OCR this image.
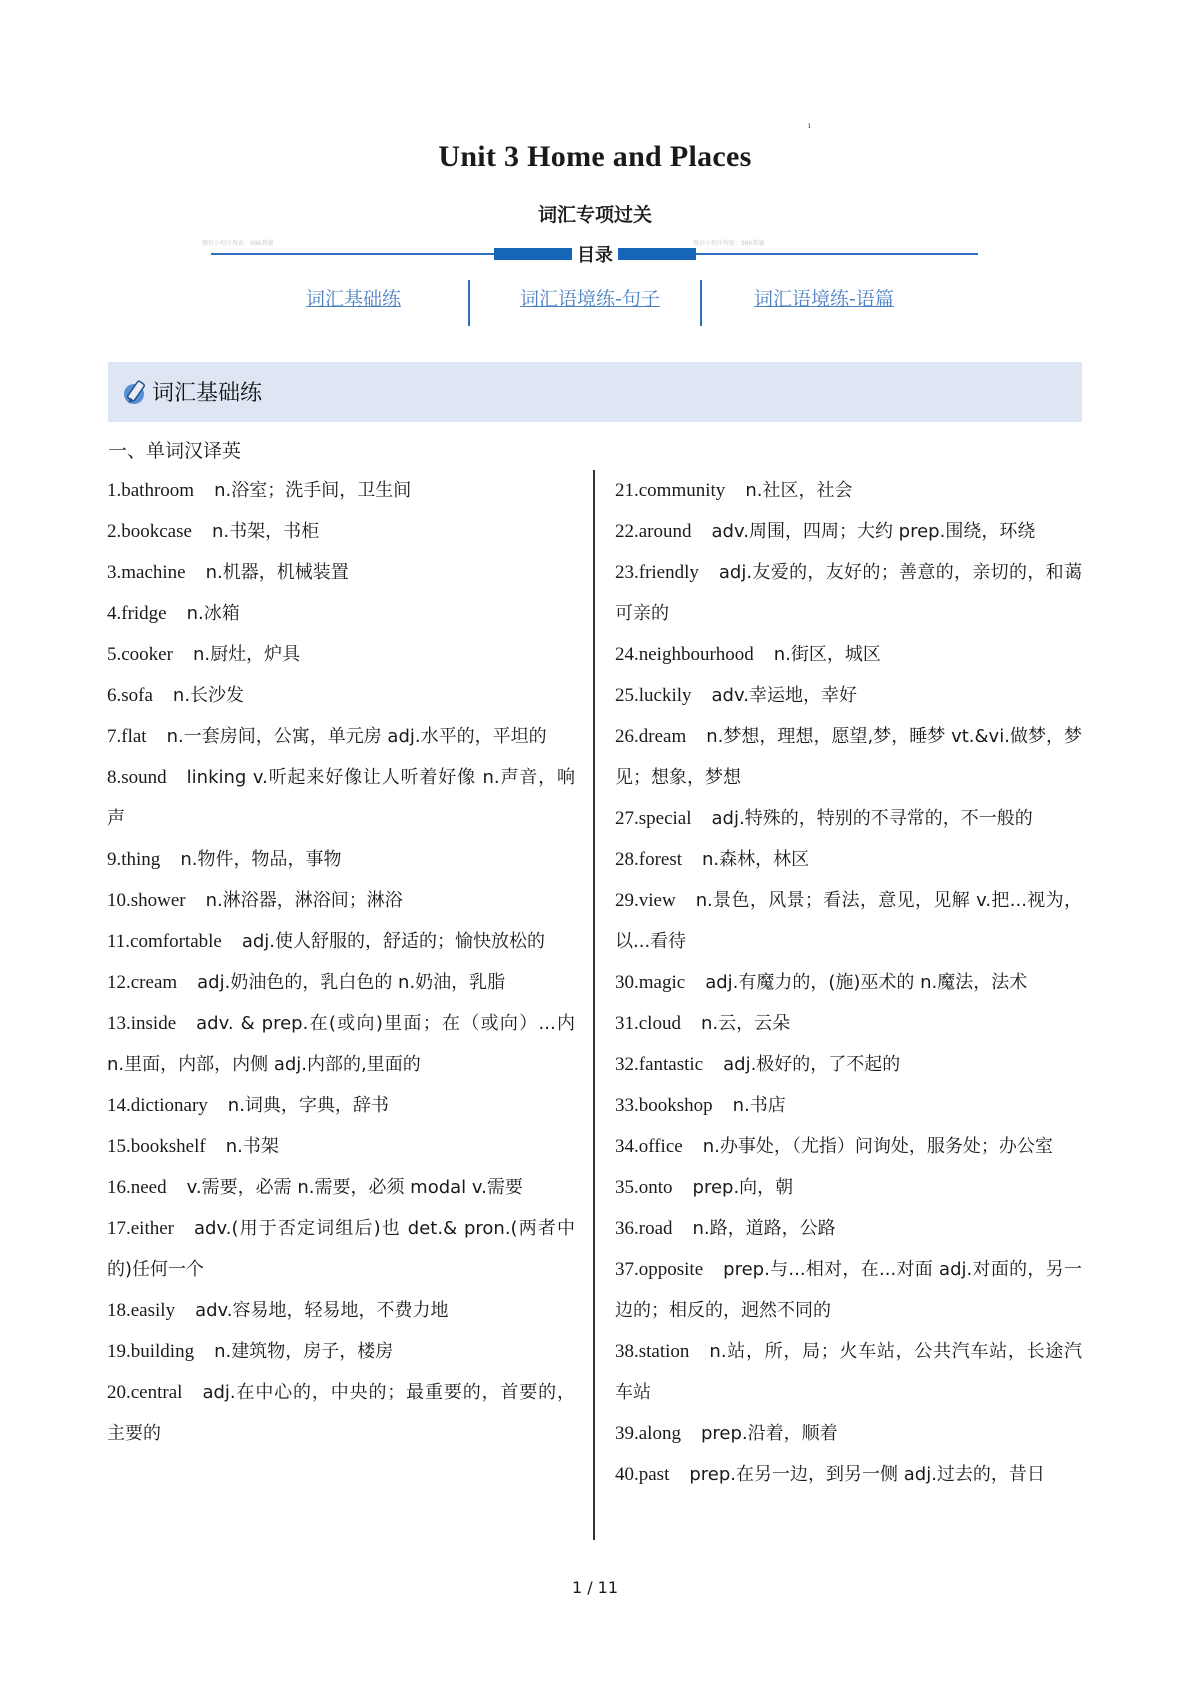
ı
Unit 3 Home and Places
词汇专项过关
目录
微信小程序搜索：98K教辅	微信小程序搜索：98K教辅
词汇基础练	词汇语境练-句子	词汇语境练-语篇
词汇基础练
一、单词汉译英
1.bathroom n.浴室；洗手间，卫生间
2.bookcase n.书架，书柜
3.machine n.机器，机械装置
4.fridge n.冰箱
5.cooker n.厨灶，炉具
6.sofa n.长沙发
7.flat n.一套房间，公寓，单元房 adj.水平的，平坦的
8.sound linking v.听起来好像让人听着好像 n.声音，响声
9.thing n.物件，物品，事物
10.shower n.淋浴器，淋浴间；淋浴
11.comfortable adj.使人舒服的，舒适的；愉快放松的
12.cream adj.奶油色的，乳白色的 n.奶油，乳脂
13.inside adv. & prep.在(或向)里面；在（或向）...内 n.里面，内部，内侧 adj.内部的,里面的
14.dictionary n.词典，字典，辞书
15.bookshelf n.书架
16.need v.需要，必需 n.需要，必须 modal v.需要
17.either adv.(用于否定词组后)也 det.& pron.(两者中的)任何一个
18.easily adv.容易地，轻易地，不费力地
19.building n.建筑物，房子，楼房
20.central adj.在中心的，中央的；最重要的，首要的，主要的
21.community n.社区，社会
22.around adv.周围，四周；大约 prep.围绕，环绕
23.friendly adj.友爱的，友好的；善意的，亲切的，和蔼可亲的
24.neighbourhood n.街区，城区
25.luckily adv.幸运地，幸好
26.dream n.梦想，理想，愿望,梦，睡梦 vt.&vi.做梦，梦见；想象，梦想
27.special adj.特殊的，特别的不寻常的，不一般的
28.forest n.森林，林区
29.view n.景色，风景；看法，意见，见解 v.把...视为，以...看待
30.magic adj.有魔力的，(施)巫术的 n.魔法，法术
31.cloud n.云，云朵
32.fantastic adj.极好的，了不起的
33.bookshop n.书店
34.office n.办事处，（尤指）问询处，服务处；办公室
35.onto prep.向，朝
36.road n.路，道路，公路
37.opposite prep.与...相对，在...对面 adj.对面的，另一边的；相反的，迥然不同的
38.station n.站，所，局；火车站，公共汽车站，长途汽车站
39.along prep.沿着，顺着
40.past prep.在另一边，到另一侧 adj.过去的，昔日
1 / 11
